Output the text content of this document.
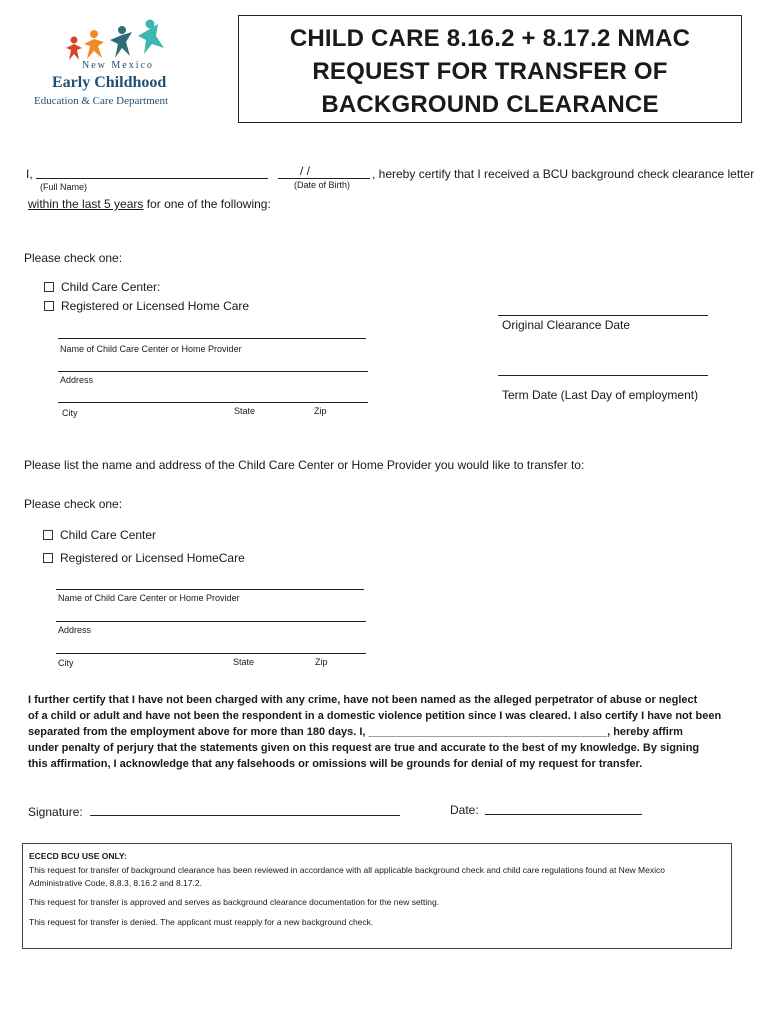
New Mexico
Early Childhood
Education & Care Department
CHILD CARE 8.16.2 + 8.17.2 NMAC
REQUEST FOR TRANSFER OF
BACKGROUND CLEARANCE
I,
(Full Name)
/ /
(Date of Birth)
, hereby certify that I received a BCU background check clearance letter
within the last 5 years for one of the following:
Please check one:
Child Care Center:
Registered or Licensed Home Care
Name of Child Care Center or Home Provider
Address
City	State	Zip
Original Clearance Date
Term Date (Last Day of employment)
Please list the name and address of the Child Care Center or Home Provider you would like to transfer to:
Please check one:
Child Care Center
Registered or Licensed HomeCare
Name of Child Care Center or Home Provider
Address
City	State	Zip
I further certify that I have not been charged with any crime, have not been named as the alleged perpetrator of abuse or neglect
of a child or adult and have not been the respondent in a domestic violence petition since I was cleared. I also certify I have not been
separated from the employment above for more than 180 days. I, _______________________________________, hereby affirm
under penalty of perjury that the statements given on this request are true and accurate to the best of my knowledge. By signing
this affirmation, I acknowledge that any falsehoods or omissions will be grounds for denial of my request for transfer.
Signature:	Date:
ECECD BCU USE ONLY:
This request for transfer of background clearance has been reviewed in accordance with all applicable background check and child care regulations found at New Mexico
Administrative Code, 8.8.3, 8.16.2 and 8.17.2.
This request for transfer is approved and serves as background clearance documentation for the new setting.
This request for transfer is denied. The applicant must reapply for a new background check.
